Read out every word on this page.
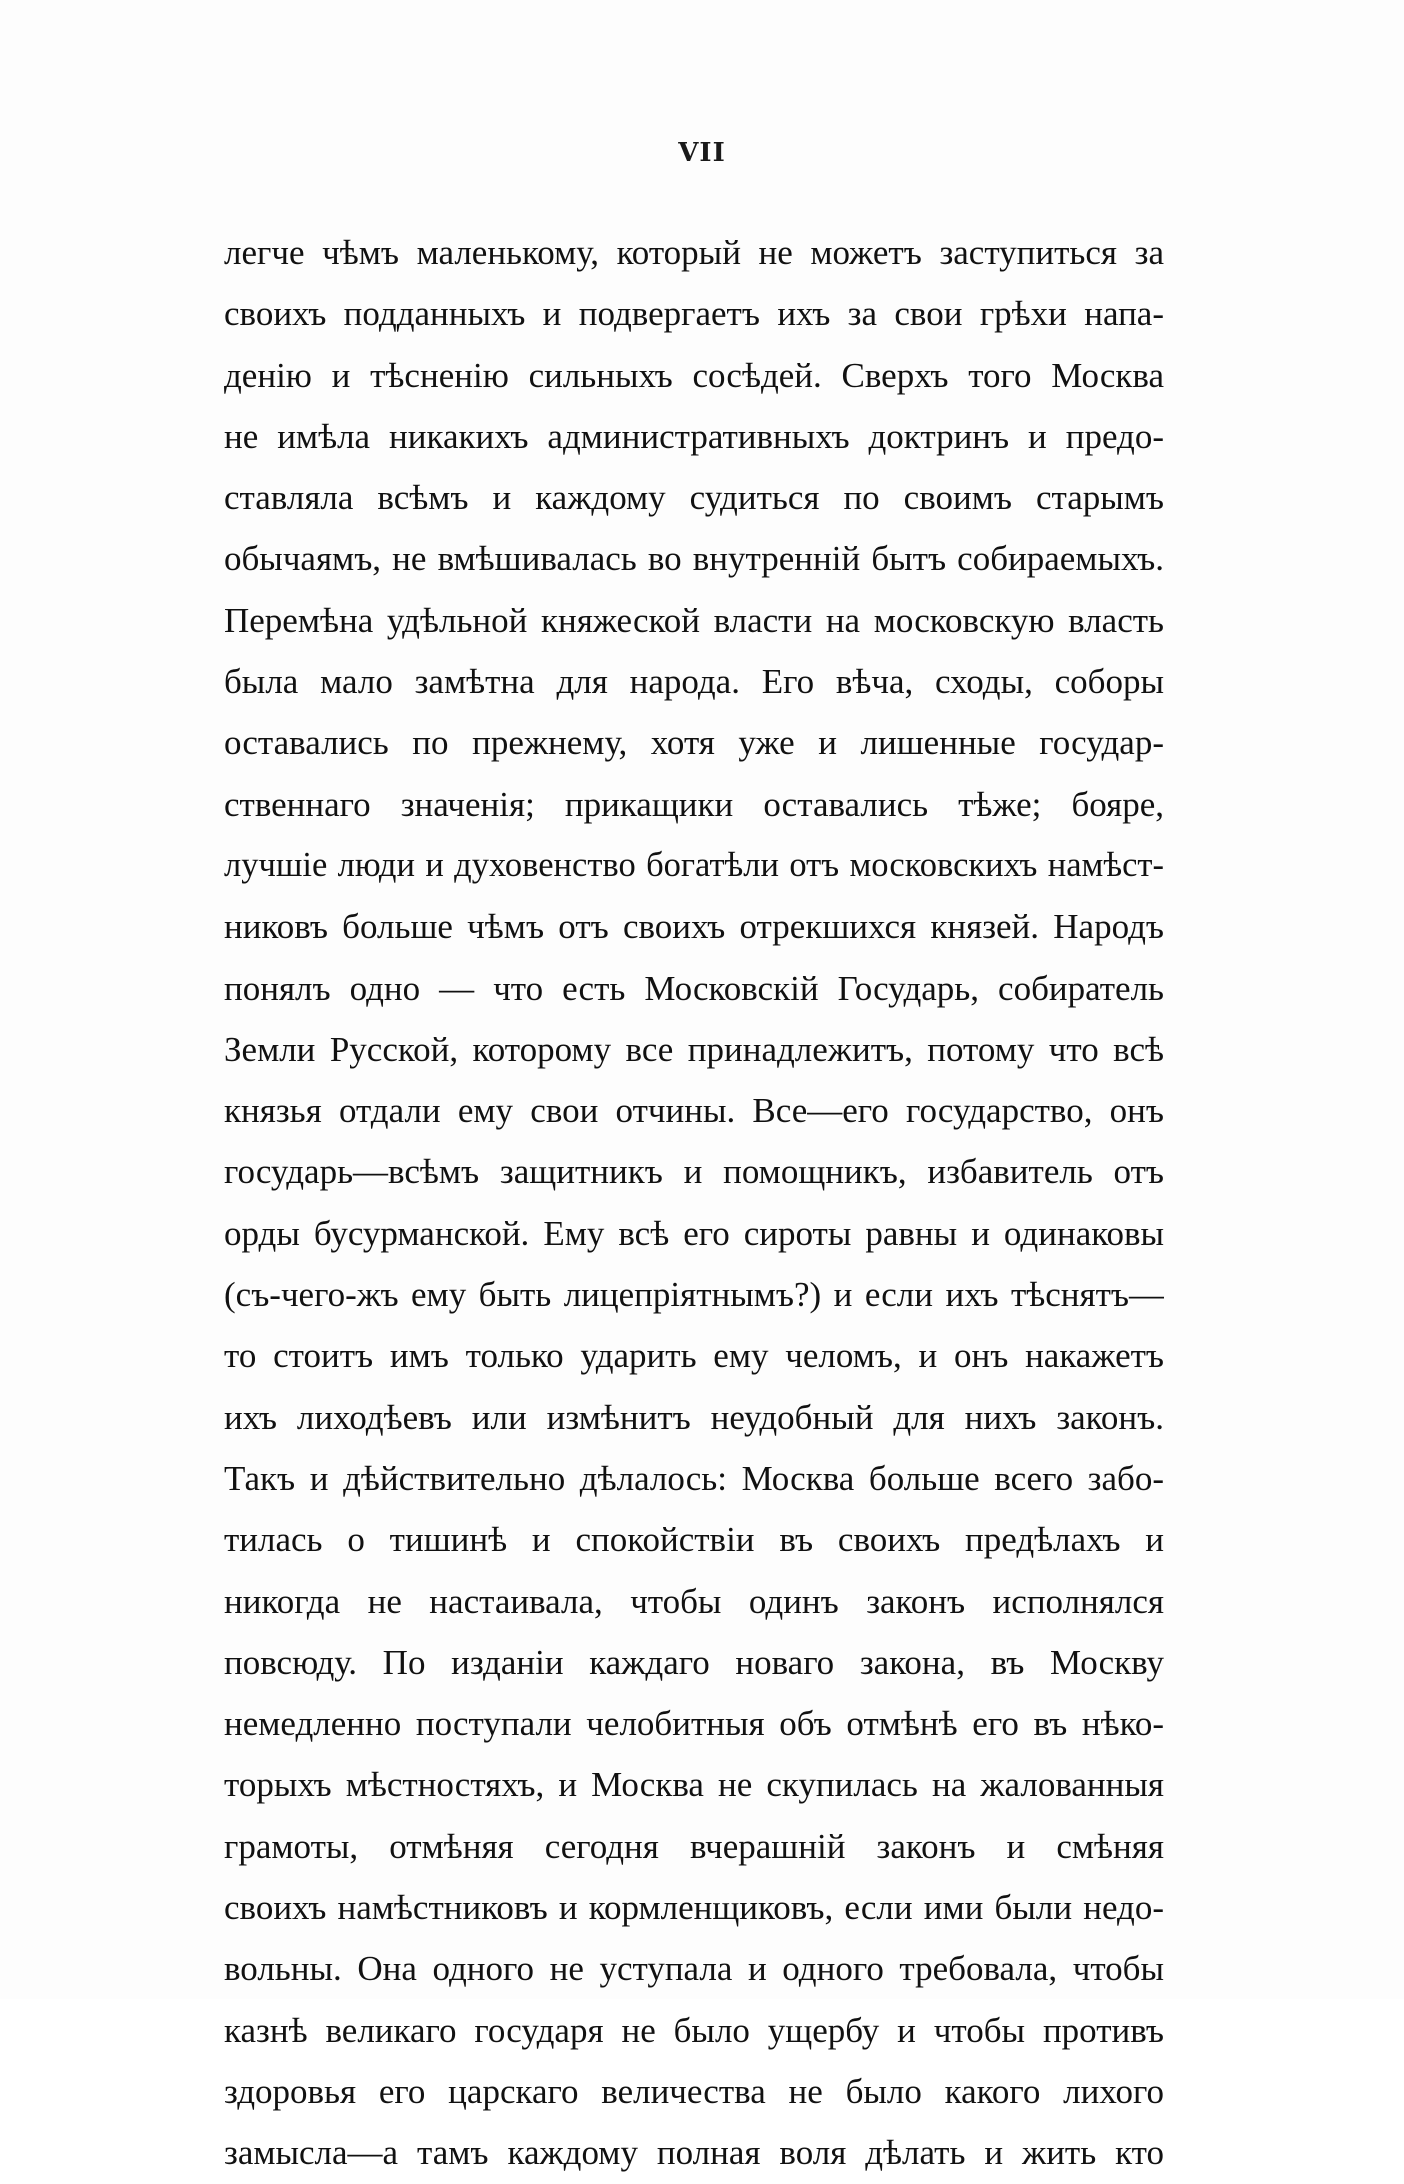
VII
легче чѣмъ маленькому, который не можетъ заступиться за
своихъ подданныхъ и подвергаетъ ихъ за свои грѣхи напа-
денію и тѣсненію сильныхъ сосѣдей. Сверхъ того Москва
не имѣла никакихъ административныхъ доктринъ и предо-
ставляла всѣмъ и каждому судиться по своимъ старымъ
обычаямъ, не вмѣшивалась во внутренній бытъ собираемыхъ.
Перемѣна удѣльной княжеской власти на московскую власть
была мало замѣтна для народа. Его вѣча, сходы, соборы
оставались по прежнему, хотя уже и лишенные государ-
ственнаго значенія; прикащики оставались тѣже; бояре,
лучшіе люди и духовенство богатѣли отъ московскихъ намѣст-
никовъ больше чѣмъ отъ своихъ отрекшихся князей. Народъ
понялъ одно — что есть Московскій Государь, собиратель
Земли Русской, которому все принадлежитъ, потому что всѣ
князья отдали ему свои отчины. Все—его государство, онъ
государь—всѣмъ защитникъ и помощникъ, избавитель отъ
орды бусурманской. Ему всѣ его сироты равны и одинаковы
(съ-чего-жъ ему быть лицепріятнымъ?) и если ихъ тѣснятъ—
то стоитъ имъ только ударить ему челомъ, и онъ накажетъ
ихъ лиходѣевъ или измѣнитъ неудобный для нихъ законъ.
Такъ и дѣйствительно дѣлалось: Москва больше всего забо-
тилась о тишинѣ и спокойствіи въ своихъ предѣлахъ и
никогда не настаивала, чтобы одинъ законъ исполнялся
повсюду. По изданіи каждаго новаго закона, въ Москву
немедленно поступали челобитныя объ отмѣнѣ его въ нѣко-
торыхъ мѣстностяхъ, и Москва не скупилась на жалованныя
грамоты, отмѣняя сегодня вчерашній законъ и смѣняя
своихъ намѣстниковъ и кормленщиковъ, если ими были недо-
вольны. Она одного не уступала и одного требовала, чтобы
казнѣ великаго государя не было ущербу и чтобы противъ
здоровья его царскаго величества не было какого лихого
замысла—а тамъ каждому полная воля дѣлать и жить кто
